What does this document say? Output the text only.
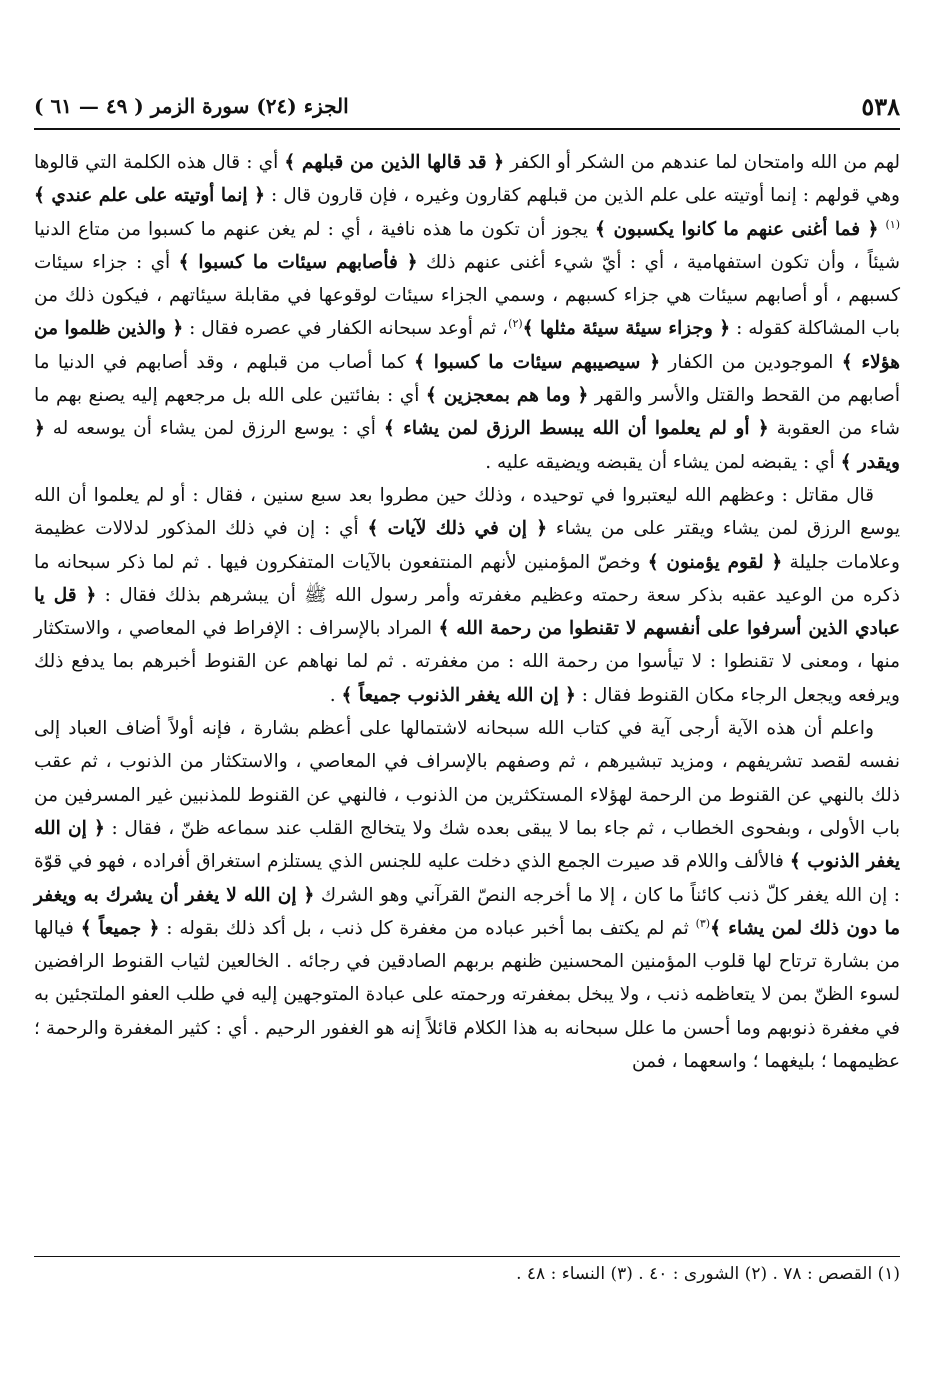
٥٣٨
الجزء (٢٤) سورة الزمر ( ٤٩ — ٦١ )

لهم من الله وامتحان لما عندهم من الشكر أو الكفر ﴿ قد قالها الذين من قبلهم ﴾ أي : قال هذه الكلمة التي قالوها وهي قولهم : إنما أوتيته على علم الذين من قبلهم كقارون وغيره ، فإن قارون قال : ﴿ إنما أوتيته على علم عندي ﴾$^{(١)}$ ﴿ فما أغنى عنهم ما كانوا يكسبون ﴾ يجوز أن تكون ما هذه نافية ، أي : لم يغن عنهم ما كسبوا من متاع الدنيا شيئاً ، وأن تكون استفهامية ، أي : أيّ شيء أغنى عنهم ذلك ﴿ فأصابهم سيئات ما كسبوا ﴾ أي : جزاء سيئات كسبهم ، أو أصابهم سيئات هي جزاء كسبهم ، وسمي الجزاء سيئات لوقوعها في مقابلة سيئاتهم ، فيكون ذلك من باب المشاكلة كقوله : ﴿ وجزاء سيئة سيئة مثلها ﴾$^{(٢)}$، ثم أوعد سبحانه الكفار في عصره فقال : ﴿ والذين ظلموا من هؤلاء ﴾ الموجودين من الكفار ﴿ سيصيبهم سيئات ما كسبوا ﴾ كما أصاب من قبلهم ، وقد أصابهم في الدنيا ما أصابهم من القحط والقتل والأسر والقهر ﴿ وما هم بمعجزين ﴾ أي : بفائتين على الله بل مرجعهم إليه يصنع بهم ما شاء من العقوبة ﴿ أو لم يعلموا أن الله يبسط الرزق لمن يشاء ﴾ أي : يوسع الرزق لمن يشاء أن يوسعه له ﴿ ويقدر ﴾ أي : يقبضه لمن يشاء أن يقبضه ويضيقه عليه .

قال مقاتل : وعظهم الله ليعتبروا في توحيده ، وذلك حين مطروا بعد سبع سنين ، فقال : أو لم يعلموا أن الله يوسع الرزق لمن يشاء ويقتر على من يشاء ﴿ إن في ذلك لآيات ﴾ أي : إن في ذلك المذكور لدلالات عظيمة وعلامات جليلة ﴿ لقوم يؤمنون ﴾ وخصّ المؤمنين لأنهم المنتفعون بالآيات المتفكرون فيها . ثم لما ذكر سبحانه ما ذكره من الوعيد عقبه بذكر سعة رحمته وعظيم مغفرته وأمر رسول الله ﷺ أن يبشرهم بذلك فقال : ﴿ قل يا عبادي الذين أسرفوا على أنفسهم لا تقنطوا من رحمة الله ﴾ المراد بالإسراف : الإفراط في المعاصي ، والاستكثار منها ، ومعنى لا تقنطوا : لا تيأسوا من رحمة الله : من مغفرته . ثم لما نهاهم عن القنوط أخبرهم بما يدفع ذلك ويرفعه ويجعل الرجاء مكان القنوط فقال : ﴿ إن الله يغفر الذنوب جميعاً ﴾ .

واعلم أن هذه الآية أرجى آية في كتاب الله سبحانه لاشتمالها على أعظم بشارة ، فإنه أولاً أضاف العباد إلى نفسه لقصد تشريفهم ، ومزيد تبشيرهم ، ثم وصفهم بالإسراف في المعاصي ، والاستكثار من الذنوب ، ثم عقب ذلك بالنهي عن القنوط من الرحمة لهؤلاء المستكثرين من الذنوب ، فالنهي عن القنوط للمذنبين غير المسرفين من باب الأولى ، وبفحوى الخطاب ، ثم جاء بما لا يبقى بعده شك ولا يتخالج القلب عند سماعه ظنّ ، فقال : ﴿ إن الله يغفر الذنوب ﴾ فالألف واللام قد صيرت الجمع الذي دخلت عليه للجنس الذي يستلزم استغراق أفراده ، فهو في قوّة : إن الله يغفر كلّ ذنب كائناً ما كان ، إلا ما أخرجه النصّ القرآني وهو الشرك ﴿ إن الله لا يغفر أن يشرك به ويغفر ما دون ذلك لمن يشاء ﴾$^{(٣)}$ ثم لم يكتف بما أخبر عباده من مغفرة كل ذنب ، بل أكد ذلك بقوله : ﴿ جميعاً ﴾ فيالها من بشارة ترتاح لها قلوب المؤمنين المحسنين ظنهم بربهم الصادقين في رجائه . الخالعين لثياب القنوط الرافضين لسوء الظنّ بمن لا يتعاظمه ذنب ، ولا يبخل بمغفرته ورحمته على عبادة المتوجهين إليه في طلب العفو الملتجئين به في مغفرة ذنوبهم وما أحسن ما علل سبحانه به هذا الكلام قائلاً إنه هو الغفور الرحيم . أي : كثير المغفرة والرحمة ؛ عظيمهما ؛ بليغهما ؛ واسعهما ، فمن

(١) القصص : ٧٨ . (٢) الشورى : ٤٠ . (٣) النساء : ٤٨ .
